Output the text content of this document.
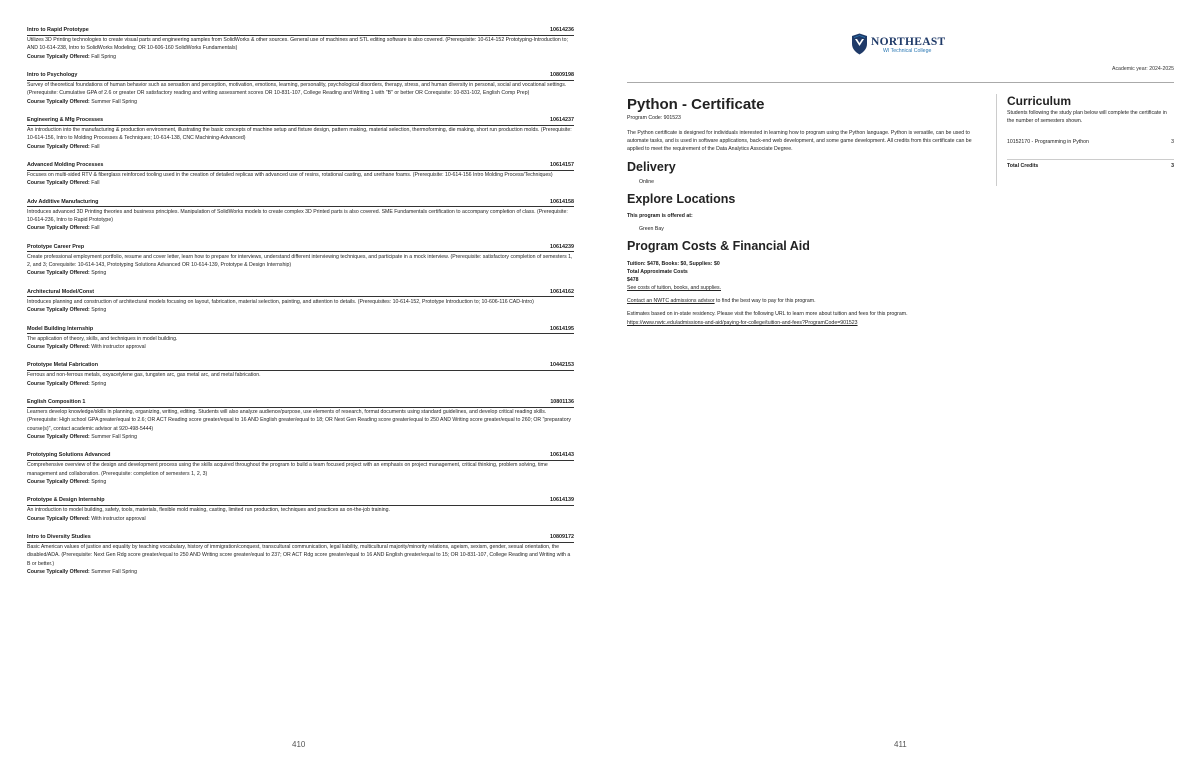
Intro to Rapid Prototype	10614236
Utilizes 3D Printing technologies to create visual parts and engineering samples from SolidWorks & other sources. General use of machines and STL editing software is also covered. (Prerequisite: 10-614-152 Prototyping-Introduction to; AND 10-614-238, Intro to SolidWorks Modeling; OR 10-606-160 SolidWorks Fundamentals)
Course Typically Offered: Fall Spring
Intro to Psychology	10809198
Survey of theoretical foundations of human behavior such as sensation and perception, motivation, emotions, learning, personality, psychological disorders, therapy, stress, and human diversity in personal, social and vocational settings. (Prerequisite: Cumulative GPA of 2.6 or greater OR satisfactory reading and writing assessment scores OR 10-831-107, College Reading and Writing 1 with "B" or better OR Corequisite: 10-831-102, English Comp Prep)
Course Typically Offered: Summer Fall Spring
Engineering & Mfg Processes	10614237
An introduction into the manufacturing & production environment, illustrating the basic concepts of machine setup and fixture design, pattern making, material selection, thermoforming, die making, short run production molds. (Prerequisite: 10-614-156, Intro to Molding Processes & Techniques; 10-614-138, CNC Machining-Advanced)
Course Typically Offered: Fall
Advanced Molding Processes	10614157
Focuses on multi-sided RTV & fiberglass reinforced tooling used in the creation of detailed replicas with advanced use of resins, rotational casting, and urethane foams. (Prerequisite: 10-614-156 Intro Molding Process/Techniques)
Course Typically Offered: Fall
Adv Additive Manufacturing	10614158
Introduces advanced 3D Printing theories and business principles. Manipulation of SolidWorks models to create complex 3D Printed parts is also covered. SME Fundamentals certification to accompany completion of class. (Prerequisite: 10-614-236, Intro to Rapid Prototype)
Course Typically Offered: Fall
Prototype Career Prep	10614239
Create professional employment portfolio, resume and cover letter, learn how to prepare for interviews, understand different interviewing techniques, and participate in a mock interview. (Prerequisite: satisfactory completion of semesters 1, 2, and 3; Corequisite: 10-614-143, Prototyping Solutions Advanced OR 10-614-139, Prototype & Design Internship)
Course Typically Offered: Spring
Architectural Model/Const	10614162
Introduces planning and construction of architectural models focusing on layout, fabrication, material selection, painting, and attention to details. (Prerequisites: 10-614-152, Prototype Introduction to; 10-606-116 CAD-Intro)
Course Typically Offered: Spring
Model Building Internship	10614195
The application of theory, skills, and techniques in model building.
Course Typically Offered: With instructor approval
Prototype Metal Fabrication	10442153
Ferrous and non-ferrous metals, oxyacetylene gas, tungsten arc, gas metal arc, and metal fabrication.
Course Typically Offered: Spring
English Composition 1	10801136
Learners develop knowledge/skills in planning, organizing, writing, editing. Students will also analyze audience/purpose, use elements of research, format documents using standard guidelines, and develop critical reading skills. (Prerequisite: High school GPA greater/equal to 2.6; OR ACT Reading score greater/equal to 16 AND English greater/equal to 18; OR Next Gen Reading score greater/equal to 250 AND Writing score greater/equal to 260; OR "preparatory course(s)", contact academic advisor at 920-498-5444)
Course Typically Offered: Summer Fall Spring
Prototyping Solutions Advanced	10614143
Comprehensive overview of the design and development process using the skills acquired throughout the program to build a team focused project with an emphasis on project management, critical thinking, problem solving, time management and collaboration. (Prerequisite: completion of semesters 1, 2, 3)
Course Typically Offered: Spring
Prototype & Design Internship	10614139
An introduction to model building, safety, tools, materials, flexible mold making, casting, limited run production, techniques and practices as on-the-job training.
Course Typically Offered: With instructor approval
Intro to Diversity Studies	10809172
Basic American values of justice and equality by teaching vocabulary, history of immigration/conquest, transcultural communication, legal liability, multicultural majority/minority relations, ageism, sexism, gender, sexual orientation, the disabled/ADA. (Prerequisite: Next Gen Rdg score greater/equal to 250 AND Writing score greater/equal to 237; OR ACT Rdg score greater/equal to 16 AND English greater/equal to 15; OR 10-831-107, College Reading and Writing with a B or better.)
Course Typically Offered: Summer Fall Spring
410
NORTHEAST
WI Technical College
Academic year: 2024-2025
Python - Certificate
Program Code: 901523
The Python certificate is designed for individuals interested in learning how to program using the Python language. Python is versatile, can be used to automate tasks, and is used in software applications, back-end web development, and some game development. All credits from this certificate can be applied to meet the requirement of the Data Analytics Associate Degree.
Delivery
Online
Explore Locations
This program is offered at:
Green Bay
Program Costs & Financial Aid
Tuition: $478, Books: $0, Supplies: $0
Total Approximate Costs
$478
See costs of tuition, books, and supplies.
Contact an NWTC admissions advisor to find the best way to pay for this program.
Estimates based on in-state residency. Please visit the following URL to learn more about tuition and fees for this program.
https://www.nwtc.edu/admissions-and-aid/paying-for-college/tuition-and-fees?ProgramCode=901523
Curriculum
Students following the study plan below will complete the certificate in the number of semesters shown.
10152170 - Programming in Python	3
Total Credits	3
411
